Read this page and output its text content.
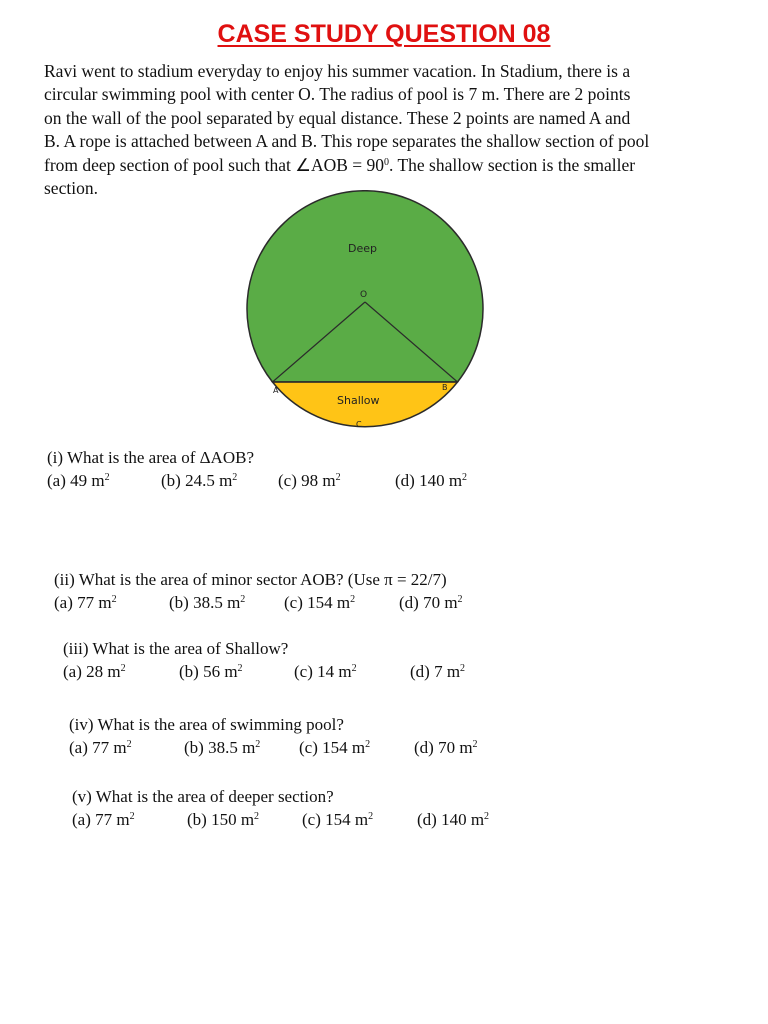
CASE STUDY QUESTION 08
Ravi went to stadium everyday to enjoy his summer vacation. In Stadium, there is a
circular swimming pool with center O. The radius of pool is 7 m. There are 2 points
on the wall of the pool separated by equal distance. These 2 points are named A and
B. A rope is attached between A and B. This rope separates the shallow section of pool
from deep section of pool such that ∠AOB = $90^0$. The shallow section is the smaller
section.
Deep
O
A	B
Shallow
C
(i) What is the area of ΔAOB?
(a) 49 $m^2$	(b) 24.5 $m^2$ (c) 98 $m^2$	(d) 140 $m^2$
(ii) What is the area of minor sector AOB? (Use π = 22/7)
(a) 77 $m^2$	(b) 38.5 $m^2$ (c) 154 $m^2$	(d) 70 $m^2$
(iii) What is the area of Shallow?
(a) 28 $m^2$	(b) 56 $m^2$	(c) 14 $m^2$	(d) 7 $m^2$
(iv) What is the area of swimming pool?
(a) 77 $m^2$	(b) 38.5 $m^2$ (c) 154 $m^2$	(d) 70 $m^2$
(v) What is the area of deeper section?
(a) 77 $m^2$	(b) 150 $m^2$	(c) 154 $m^2$	(d) 140 $m^2$
